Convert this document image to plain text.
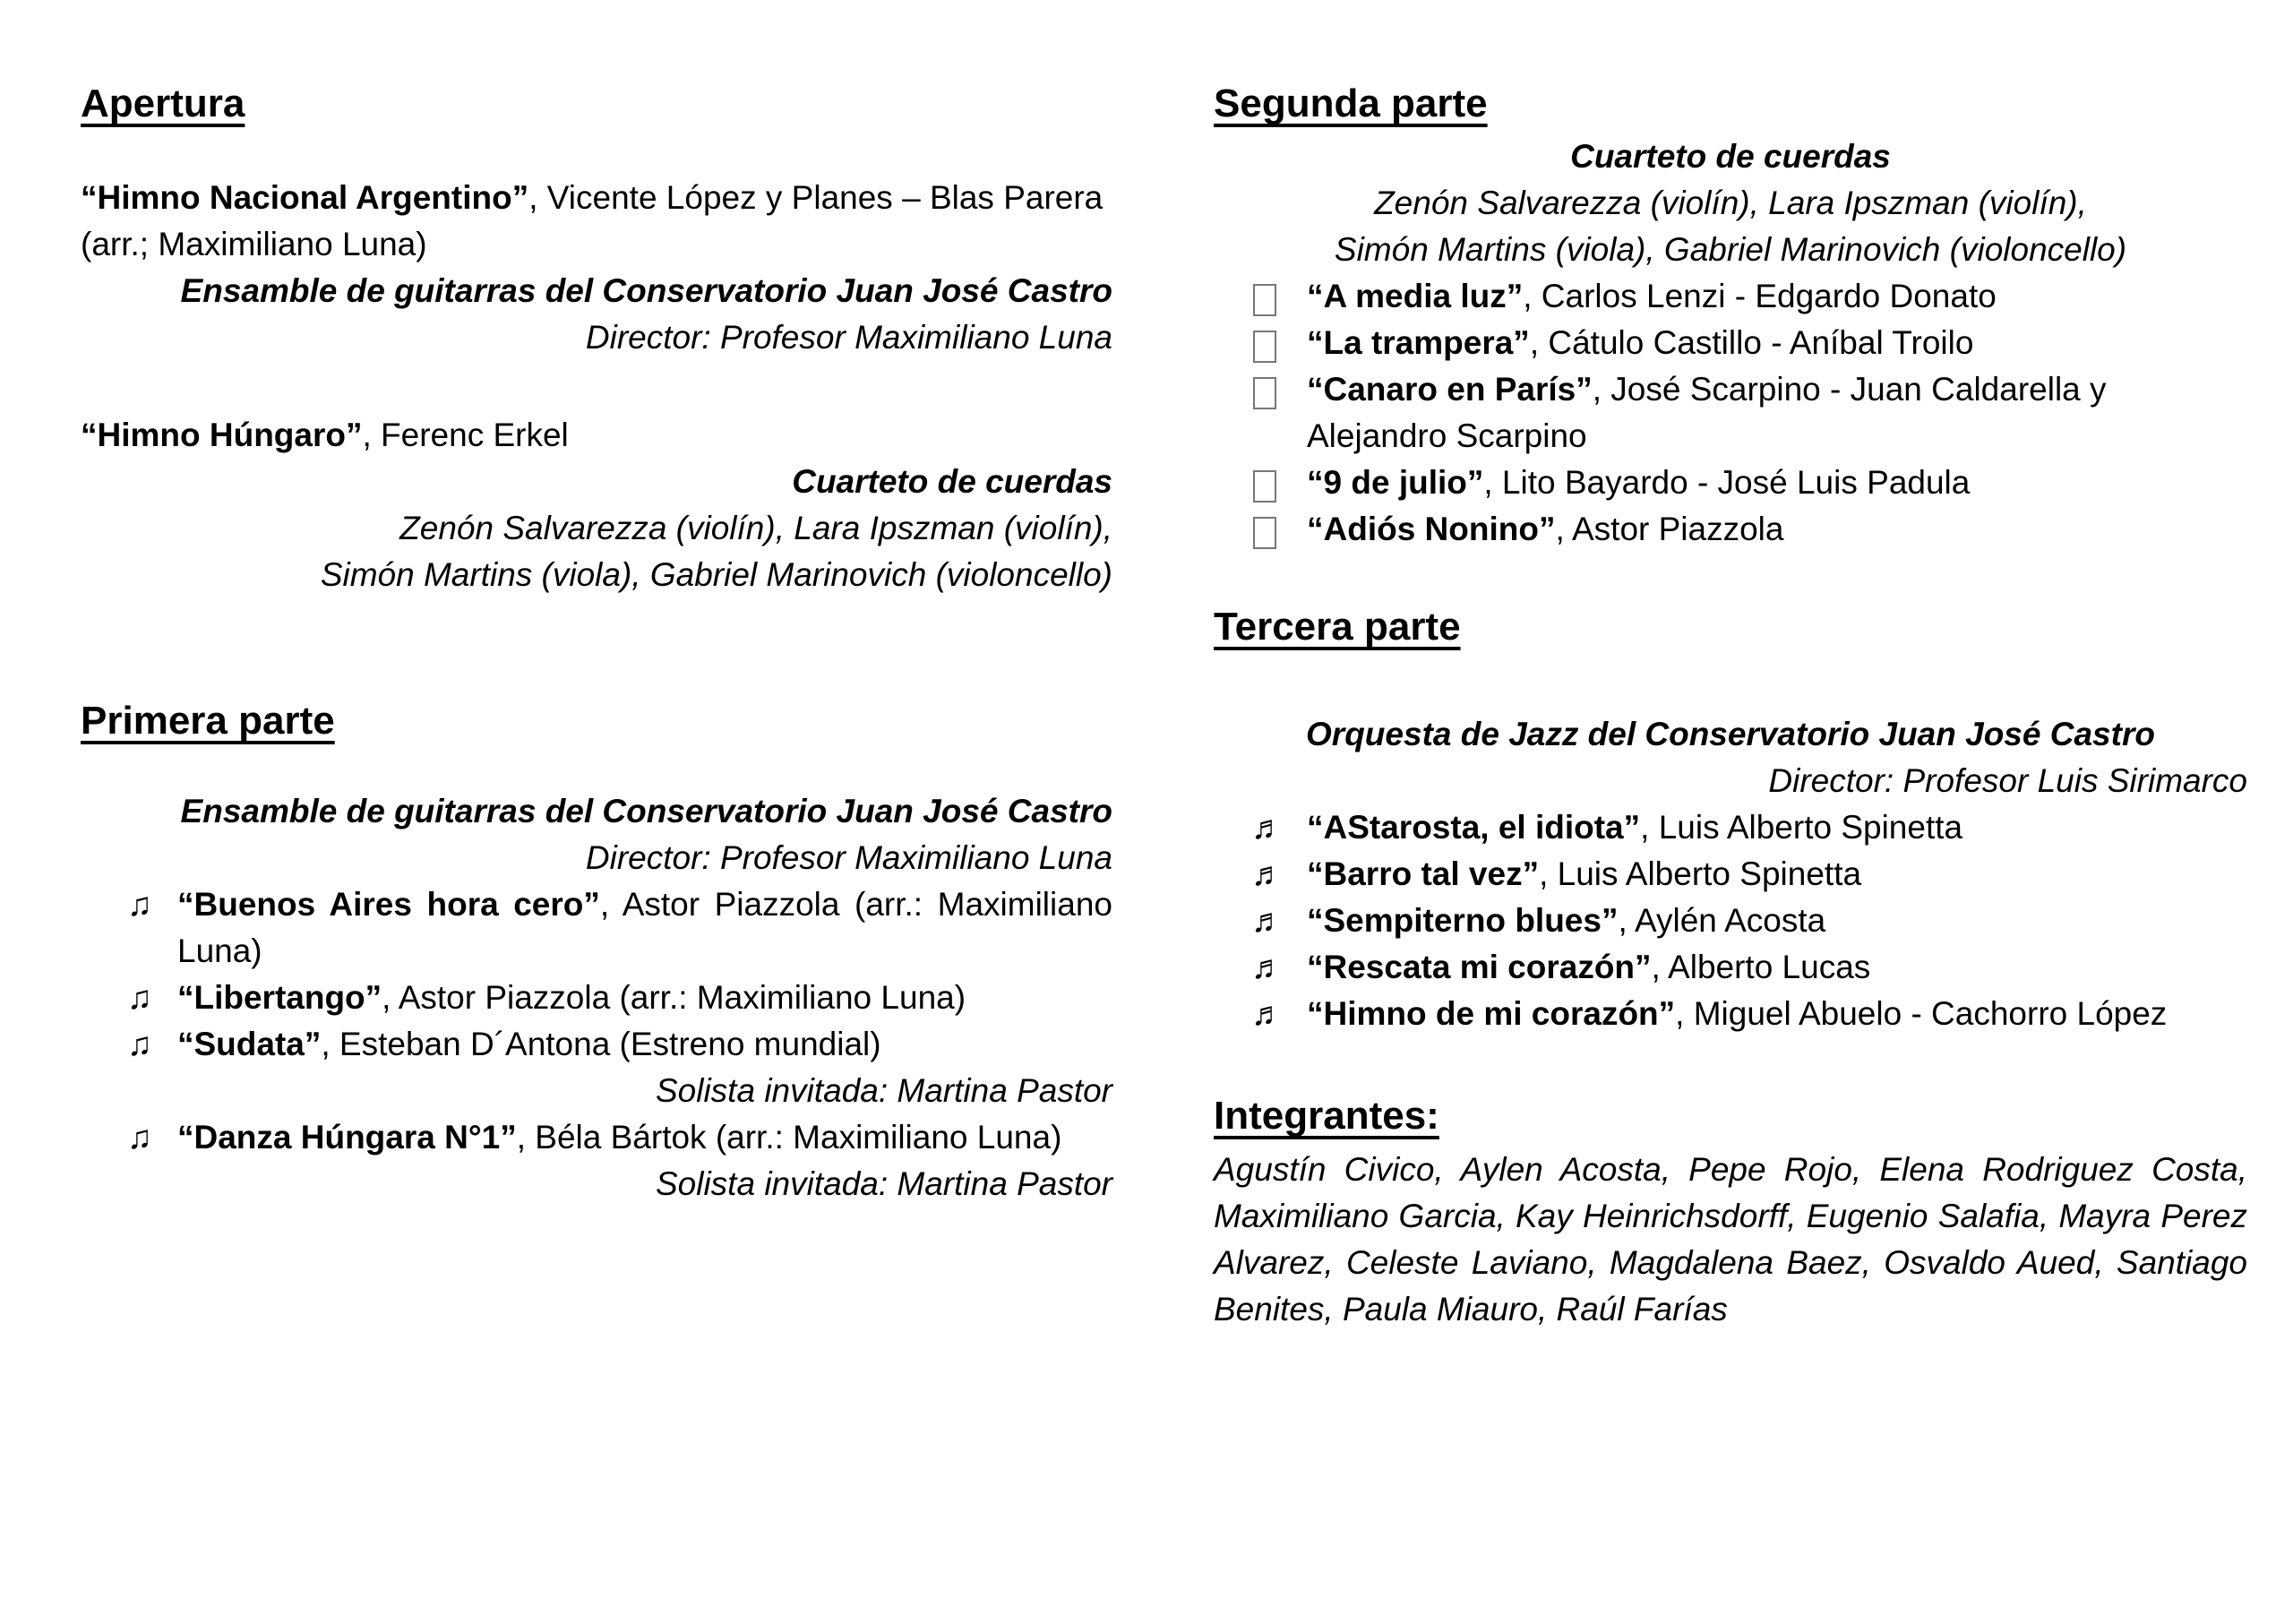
Apertura

“Himno Nacional Argentino”, Vicente López y Planes – Blas Parera (arr.; Maximiliano Luna)

Ensamble de guitarras del Conservatorio Juan José Castro
Director: Profesor Maximiliano Luna

“Himno Húngaro”, Ferenc Erkel

Cuarteto de cuerdas
Zenón Salvarezza (violín), Lara Ipszman (violín),
Simón Martins (viola), Gabriel Marinovich (violoncello)
Primera parte
Ensamble de guitarras del Conservatorio Juan José Castro
Director: Profesor Maximiliano Luna
♫ “Buenos Aires hora cero”, Astor Piazzola (arr.: Maximiliano Luna)
♫ “Libertango”, Astor Piazzola (arr.: Maximiliano Luna)
♫ “Sudata”, Esteban D´Antona (Estreno mundial)
Solista invitada: Martina Pastor
♫ “Danza Húngara N°1”, Béla Bártok (arr.: Maximiliano Luna)
Solista invitada: Martina Pastor
Segunda parte
Cuarteto de cuerdas
Zenón Salvarezza (violín), Lara Ipszman (violín),
Simón Martins (viola), Gabriel Marinovich (violoncello)
“A media luz”, Carlos Lenzi - Edgardo Donato
“La trampera”, Cátulo Castillo - Aníbal Troilo
“Canaro en París”, José Scarpino - Juan Caldarella y Alejandro Scarpino
“9 de julio”, Lito Bayardo - José Luis Padula
“Adiós Nonino”, Astor Piazzola
Tercera parte
Orquesta de Jazz del Conservatorio Juan José Castro
Director: Profesor Luis Sirimarco
♬ “AStarosta, el idiota”, Luis Alberto Spinetta
♬ “Barro tal vez”, Luis Alberto Spinetta
♬ “Sempiterno blues”, Aylén Acosta
♬ “Rescata mi corazón”, Alberto Lucas
♬ “Himno de mi corazón”, Miguel Abuelo - Cachorro López
Integrantes:

Agustín Civico, Aylen Acosta, Pepe Rojo, Elena Rodriguez Costa, Maximiliano Garcia, Kay Heinrichsdorff, Eugenio Salafia, Mayra Perez Alvarez, Celeste Laviano, Magdalena Baez, Osvaldo Aued, Santiago Benites, Paula Miauro, Raúl Farías
